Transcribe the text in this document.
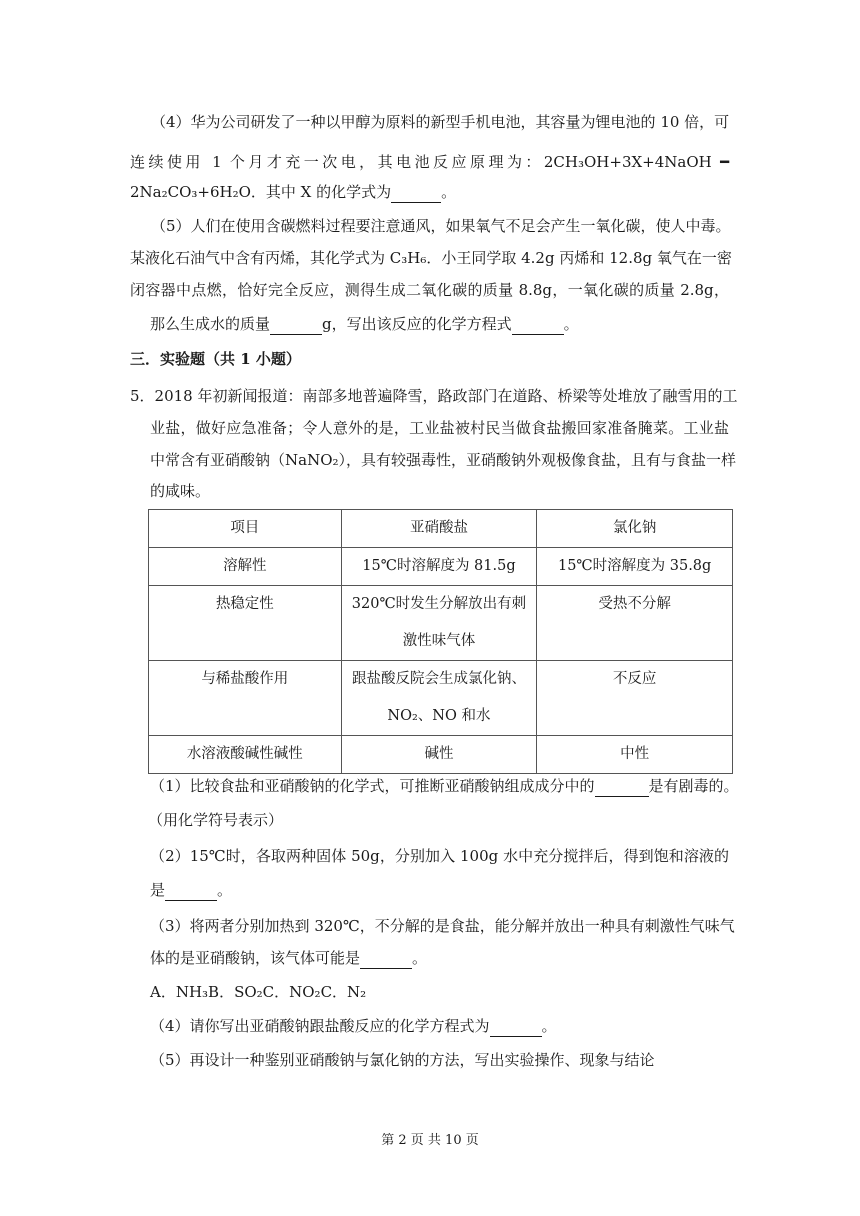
（4）华为公司研发了一种以甲醇为原料的新型手机电池，其容量为锂电池的 10 倍，可
连续使用 1 个月才充一次电，其电池反应原理为：2CH₃OH+3X+4NaOH ━
2Na₂CO₃+6H₂O．其中 X 的化学式为	。
（5）人们在使用含碳燃料过程要注意通风，如果氧气不足会产生一氧化碳，使人中毒。
某液化石油气中含有丙烯，其化学式为 C₃H₆．小王同学取 4.2g 丙烯和 12.8g 氧气在一密
闭容器中点燃，恰好完全反应，测得生成二氧化碳的质量 8.8g，一氧化碳的质量 2.8g，
那么生成水的质量	g，写出该反应的化学方程式	。
三．实验题（共 1 小题）
5．2018 年初新闻报道：南部多地普遍降雪，路政部门在道路、桥梁等处堆放了融雪用的工
业盐，做好应急准备；令人意外的是，工业盐被村民当做食盐搬回家准备腌菜。工业盐
中常含有亚硝酸钠（NaNO₂），具有较强毒性，亚硝酸钠外观极像食盐，且有与食盐一样
的咸味。
项目	亚硝酸盐	氯化钠
溶解性	15℃时溶解度为 81.5g	15℃时溶解度为 35.8g
热稳定性	320℃时发生分解放出有刺激性味气体	受热不分解
与稀盐酸作用	跟盐酸反院会生成氯化钠、NO₂、NO 和水	不反应
水溶液酸碱性碱性	碱性	中性
（1）比较食盐和亚硝酸钠的化学式，可推断亚硝酸钠组成成分中的	是有剧毒的。
（用化学符号表示）
（2）15℃时，各取两种固体 50g，分别加入 100g 水中充分搅拌后，得到饱和溶液的
是	。
（3）将两者分别加热到 320℃，不分解的是食盐，能分解并放出一种具有刺激性气味气
体的是亚硝酸钠，该气体可能是	。
A．NH₃B．SO₂C．NO₂C．N₂
（4）请你写出亚硝酸钠跟盐酸反应的化学方程式为	。
（5）再设计一种鉴别亚硝酸钠与氯化钠的方法，写出实验操作、现象与结论
第 2 页 共 10 页
